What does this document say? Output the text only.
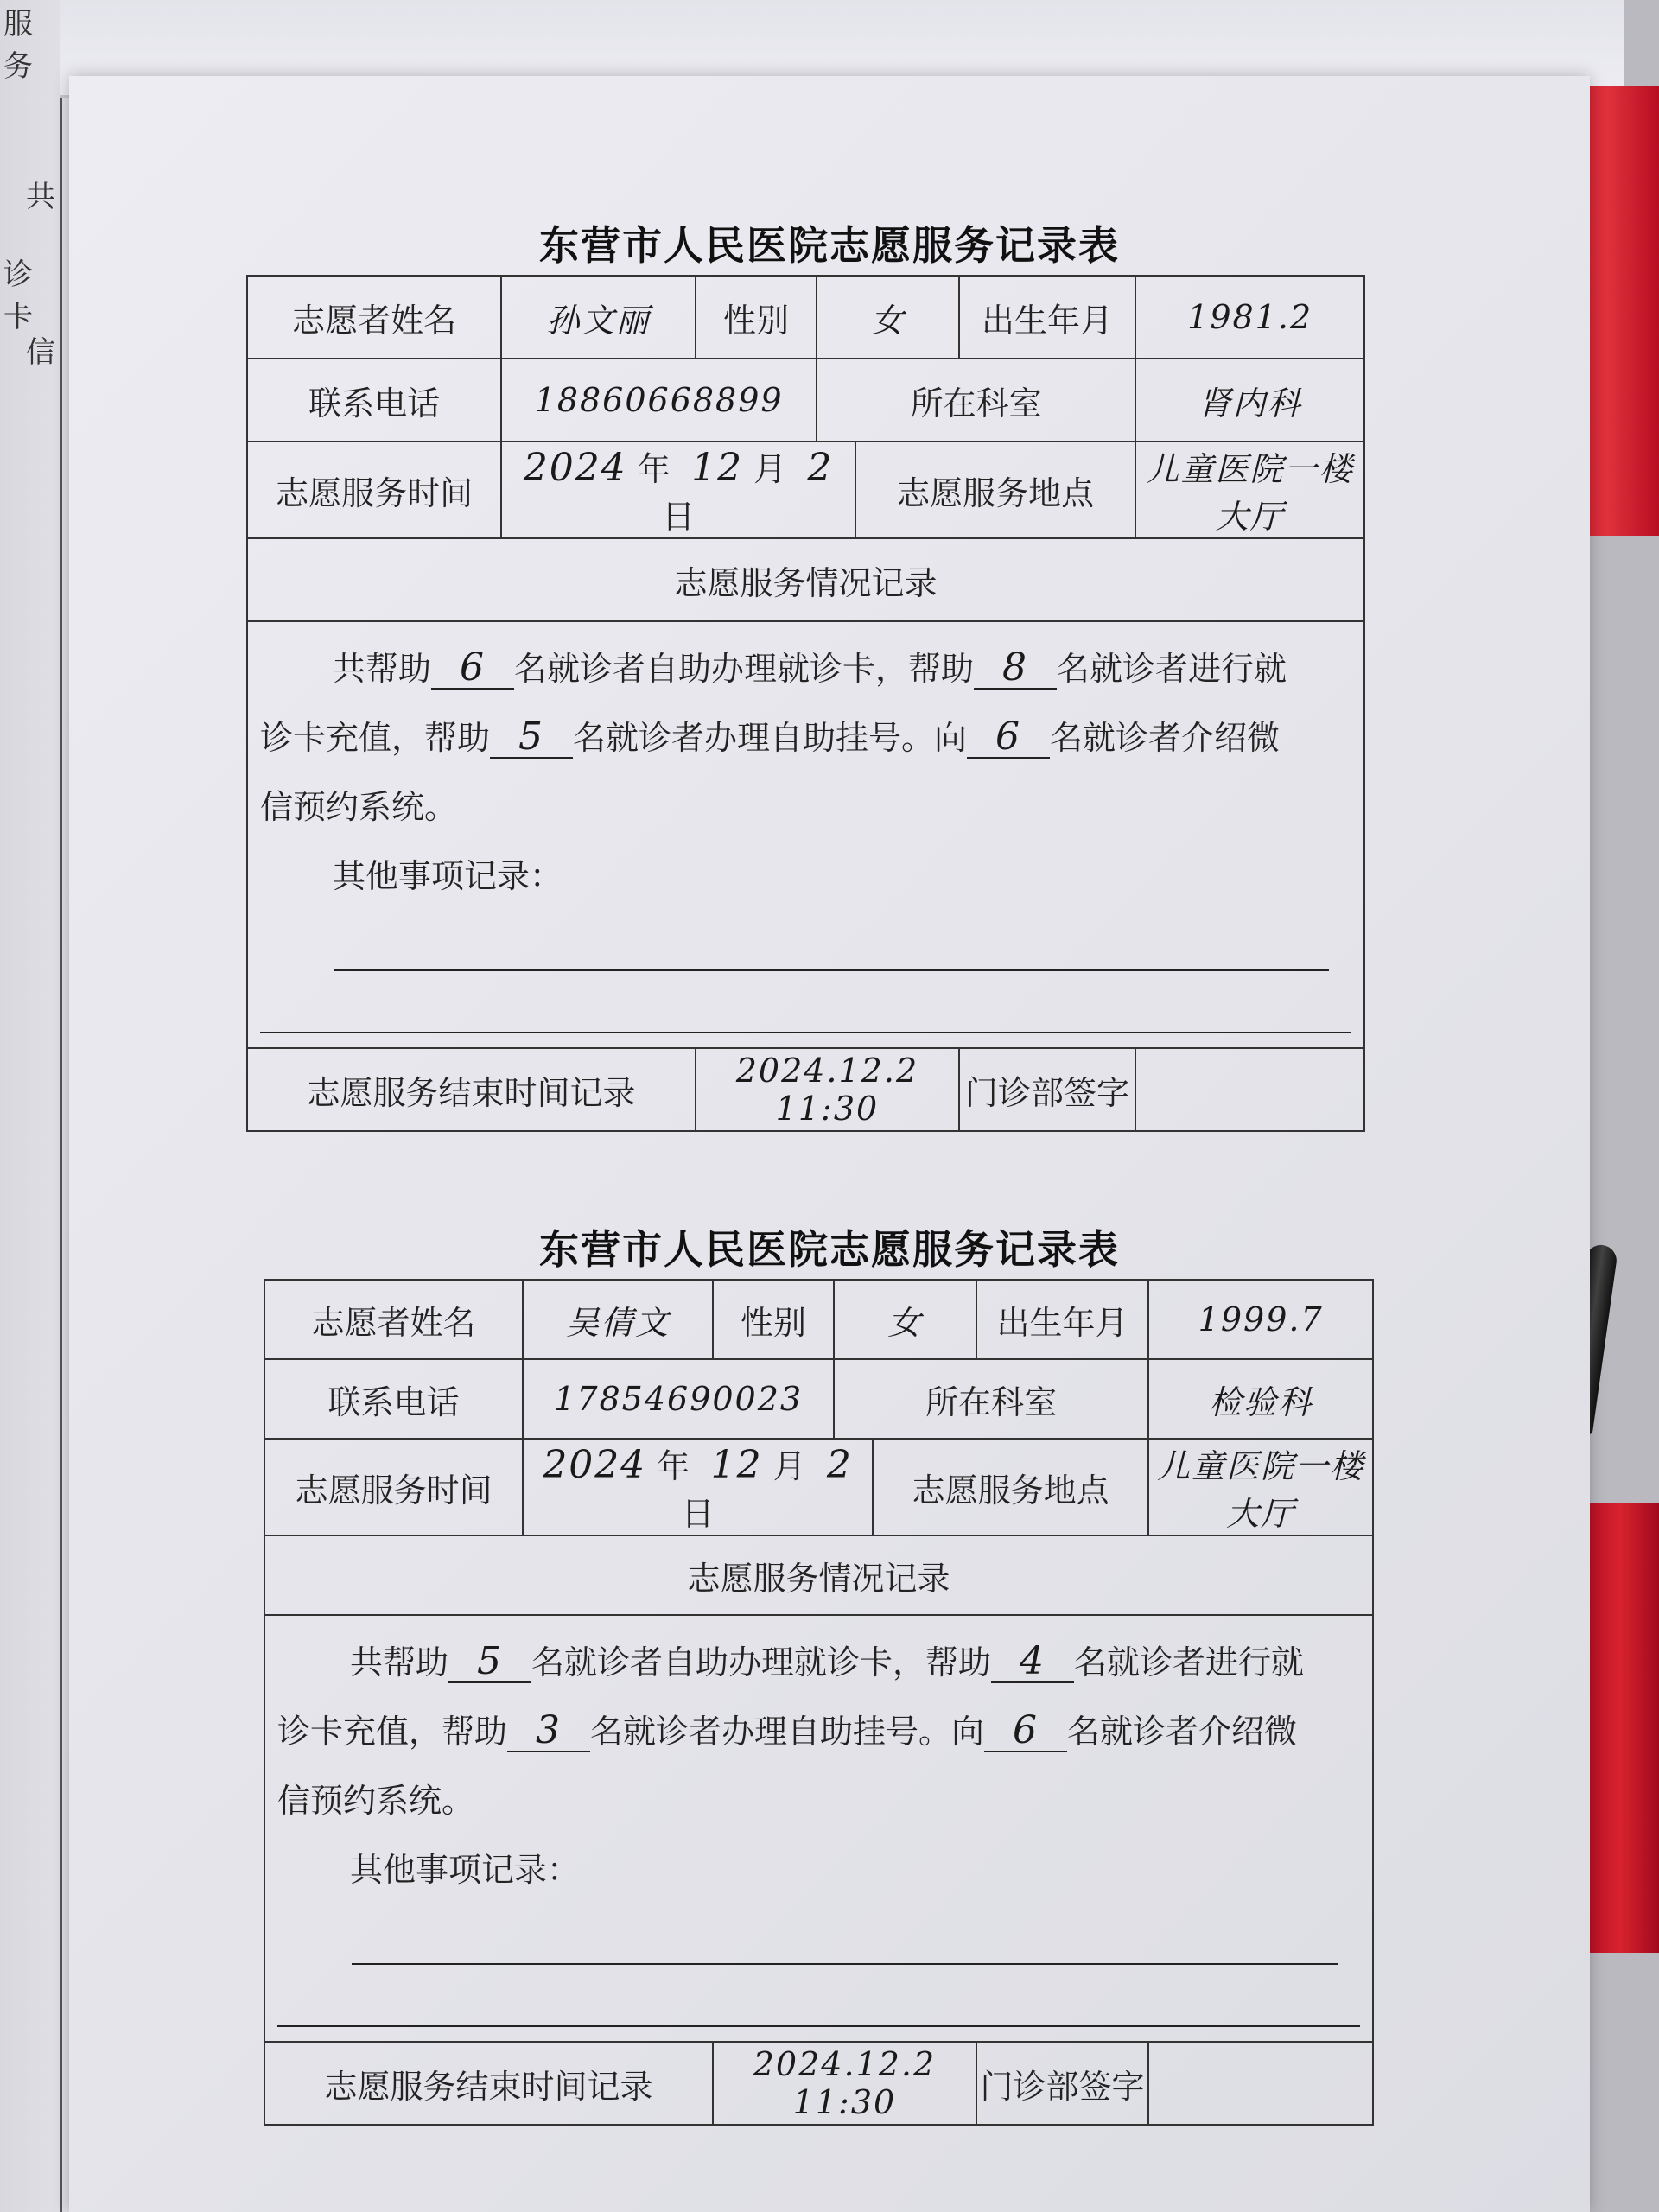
服务
共
诊卡
信
东营市人民医院志愿服务记录表
志愿者姓名	孙文丽	性别	女		出生年月	1981.2
联系电话	18860668899		所在科室			肾内科
志愿服务时间	2024 年 12 月 2 日			志愿服务地点		儿童医院一楼大厅
志愿服务情况记录						

共帮助 6 名就诊者自助办理就诊卡，帮助 8 名就诊者进行就
诊卡充值，帮助 5 名就诊者办理自助挂号。向 6 名就诊者介绍微
信预约系统。
其他事项记录：						

志愿服务结束时间记录		2024.12.2 11:30			门诊部签字	
东营市人民医院志愿服务记录表
志愿者姓名	吴倩文	性别	女		出生年月	1999.7
联系电话	17854690023		所在科室			检验科
志愿服务时间	2024 年 12 月 2 日			志愿服务地点		儿童医院一楼大厅
志愿服务情况记录						

共帮助 5 名就诊者自助办理就诊卡，帮助 4 名就诊者进行就
诊卡充值，帮助 3 名就诊者办理自助挂号。向 6 名就诊者介绍微
信预约系统。
其他事项记录：						

志愿服务结束时间记录		2024.12.2 11:30			门诊部签字	
